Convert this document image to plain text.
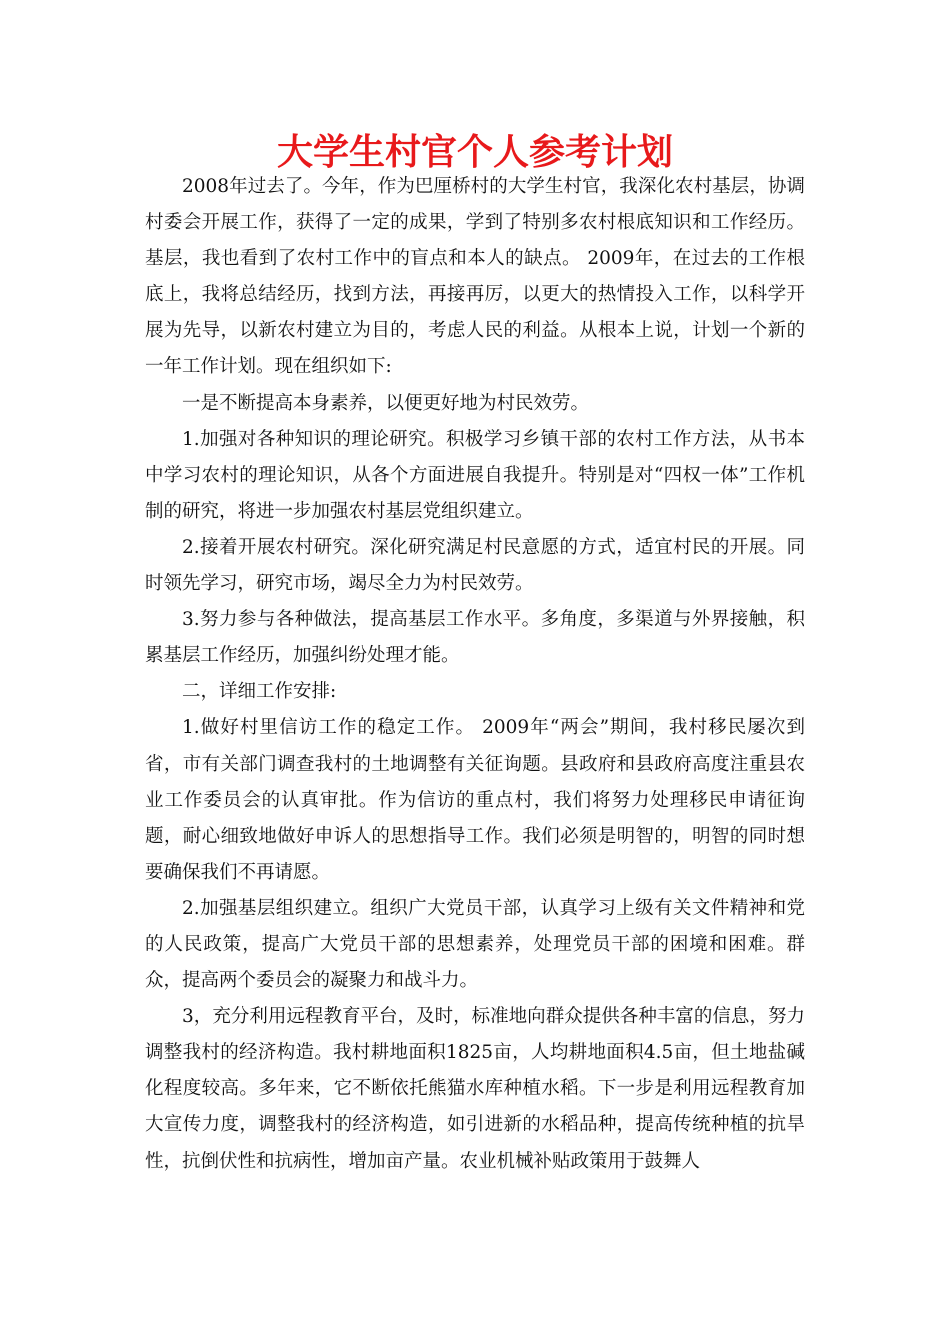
大学生村官个人参考计划

2008年过去了。今年，作为巴厘桥村的大学生村官，我深化农村基层，协调村委会开展工作，获得了一定的成果，学到了特别多农村根底知识和工作经历。基层，我也看到了农村工作中的盲点和本人的缺点。 2009年，在过去的工作根底上，我将总结经历，找到方法，再接再厉，以更大的热情投入工作，以科学开展为先导，以新农村建立为目的，考虑人民的利益。从根本上说，计划一个新的一年工作计划。现在组织如下:

一是不断提高本身素养，以便更好地为村民效劳。

1.加强对各种知识的理论研究。积极学习乡镇干部的农村工作方法，从书本中学习农村的理论知识，从各个方面进展自我提升。特别是对“四权一体”工作机制的研究，将进一步加强农村基层党组织建立。

2.接着开展农村研究。深化研究满足村民意愿的方式，适宜村民的开展。同时领先学习，研究市场，竭尽全力为村民效劳。

3.努力参与各种做法，提高基层工作水平。多角度，多渠道与外界接触，积累基层工作经历，加强纠纷处理才能。

二，详细工作安排:

1.做好村里信访工作的稳定工作。 2009年“两会”期间，我村移民屡次到省，市有关部门调查我村的土地调整有关征询题。县政府和县政府高度注重县农业工作委员会的认真审批。作为信访的重点村，我们将努力处理移民申请征询题，耐心细致地做好申诉人的思想指导工作。我们必须是明智的，明智的同时想要确保我们不再请愿。

2.加强基层组织建立。组织广大党员干部，认真学习上级有关文件精神和党的人民政策，提高广大党员干部的思想素养，处理党员干部的困境和困难。群众，提高两个委员会的凝聚力和战斗力。

3，充分利用远程教育平台，及时，标准地向群众提供各种丰富的信息，努力调整我村的经济构造。我村耕地面积1825亩，人均耕地面积4.5亩，但土地盐碱化程度较高。多年来，它不断依托熊猫水库种植水稻。下一步是利用远程教育加大宣传力度，调整我村的经济构造，如引进新的水稻品种，提高传统种植的抗旱性，抗倒伏性和抗病性，增加亩产量。农业机械补贴政策用于鼓舞人
